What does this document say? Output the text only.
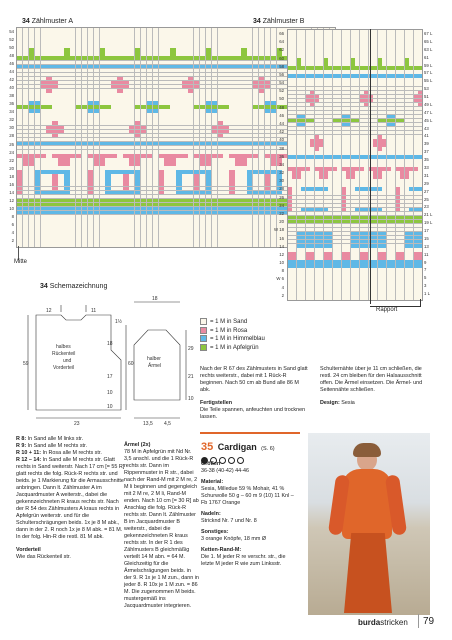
34 Zählmuster A
54
52
50
48
46
44
42
40
38
36
34
32
30
28
26
24
22
20
18
16
14
12
10
8
6
4
2
Mitte
34 Zählmuster B
66
64
62
60
58
56
54
52
50
48
46
44
42
40
38
36
34
32
30
28
26
24
22
20
W 18
16
14
12
10
8
W 6
4
2
67 L
65 L
63 L
61
59 L
57 L
55 L
53
51
49 L
47 L
45 L
43
41
39
37
35
33
31
29
27
25
23
21 L
19 L
17
15
13
11
9
7
5
3
1 L
Rapport
34 Schemazeichnung
18
12	11
1½
halbes
Rückenteil
und
Vorderteil
18
59
17
10
10
23
halber
Ärmel
60
29
21
10
13,5 4,5
= 1 M in Sand
= 1 M in Rosa
= 1 M in Himmelblau
= 1 M in Apfelgrün

Nach der R 67 des Zählmusters in Sand glatt rechts weiterstr., dabei mit 1 Rück-R beginnen. Nach 50 cm ab Bund alle 86 M abk.

Fertigstellen

Die Teile spannen, anfeuchten und trocknen lassen.

Schulternähte über je 11 cm schließen, die restl. 24 cm bleiben für den Halsausschnitt offen. Die Ärmel einsetzen. Die Ärmel- und Seitennähte schließen.

Design: Sesia

R 8: In Sand alle M links str.

R 9: In Sand alle M rechts str.

R 10 + 11: In Rosa alle M rechts str.

R 12 – 14: In Sand alle M rechts str. Glatt rechts in Sand weiterstr. Nach 17 cm [= 55 R] glatt rechts die folg. Rück-R rechts str. und beids. je 1 Markierung für die Armausschnitte anbringen. Dann lt. Zählmuster A im Jacquardmuster A weiterstr., dabei die gekennzeichneten R kraus rechts str. Nach der R 54 des Zählmusters A kraus rechts in Apfelgrün weiterstr. und für die Schulterschrägungen beids. 1x je 8 M abk., dann in der 2. R noch 1x je 8 M abk. = 81 M. In der folg. Hin-R die restl. 81 M abk.

Vorderteil

Wie das Rückenteil str.

Ärmel (2x)

78 M in Apfelgrün mit Nd Nr. 3,5 anschl. und die 1 Rück-R rechts str. Dann im Rippenmuster in R str., dabei nach der Rand-M mit 2 M re, 2 M li beginnen und gegengleich mit 2 M re, 2 M li, Rand-M enden. Nach 10 cm [= 30 R] ab Anschlag die folg. Rück-R rechts str. Dann lt. Zählmuster B im Jacquardmuster B weiterstr., dabei die gekennzeichneten R kraus rechts str. In der R 1 des Zählmusters B gleichmäßig verteilt 14 M abn. = 64 M. Gleichzeitig für die Ärmelschrägungen beids. in der 9. R 1x je 1 M zun., dann in jeder 8. R 10x je 1 M zun. = 86 M. Die zugenommen M beids. mustergemäß ins Jacquardmuster integrieren.

35 Cardigan (S. 6)

Größen

36-38 (40-42) 44-46

Material:

Sesia, Milledue 59 % Mohair, 41 % Schurwolle 50 g – 60 m 9 (10) 11 Knl – Fb 1767 Orange

Nadeln:

Stricknd Nr. 7 und Nr. 8

Sonstiges:

3 orange Knöpfe, 18 mm Ø

Ketten-Rand-M:

Die 1. M jeder R re verschr. str., die letzte M jeder R wie zum Linksstr.

burdastricken 79
